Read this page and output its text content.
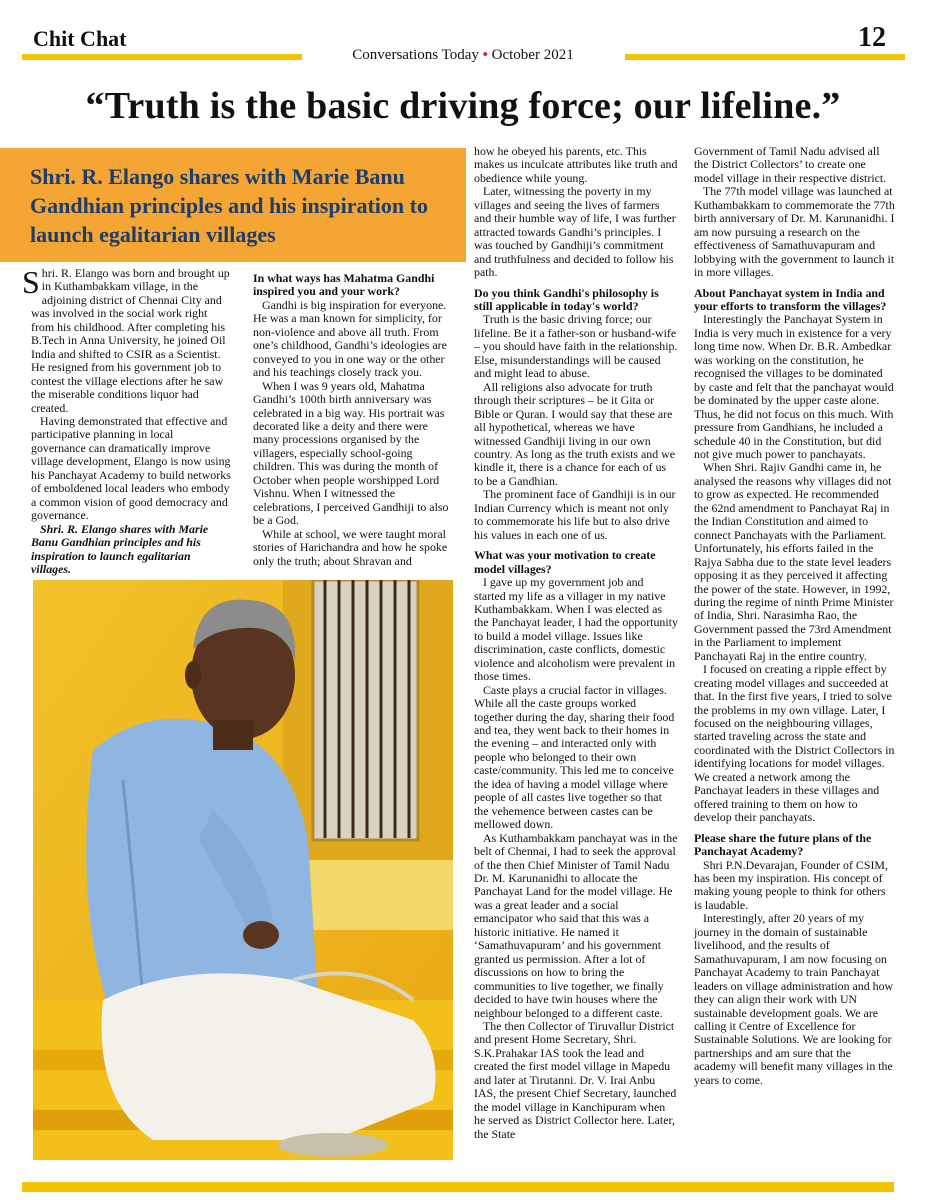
Chit Chat
Conversations Today • October 2021
12
“Truth is the basic driving force; our lifeline.”
Shri. R. Elango shares with Marie Banu Gandhian principles and his inspiration to launch egalitarian villages

Shri. R. Elango was born and brought up in Kuthambakkam village, in the adjoining district of Chennai City and was involved in the social work right from his childhood. After completing his B.Tech in Anna University, he joined Oil India and shifted to CSIR as a Scientist. He resigned from his government job to contest the village elections after he saw the miserable conditions liquor had created.

Having demonstrated that effective and participative planning in local governance can dramatically improve village development, Elango is now using his Panchayat Academy to build networks of emboldened local leaders who embody a common vision of good democracy and governance.

Shri. R. Elango shares with Marie Banu Gandhian principles and his inspiration to launch egalitarian villages.

In what ways has Mahatma Gandhi inspired you and your work?

Gandhi is big inspiration for everyone. He was a man known for simplicity, for non-violence and above all truth. From one’s childhood, Gandhi’s ideologies are conveyed to you in one way or the other and his teachings closely track you.

When I was 9 years old, Mahatma Gandhi’s 100th birth anniversary was celebrated in a big way. His portrait was decorated like a deity and there were many processions organised by the villagers, especially school-going children. This was during the month of October when people worshipped Lord Vishnu. When I witnessed the celebrations, I perceived Gandhiji to also be a God.

While at school, we were taught moral stories of Harichandra and how he spoke only the truth; about Shravan and

how he obeyed his parents, etc. This makes us inculcate attributes like truth and obedience while young.

Later, witnessing the poverty in my villages and seeing the lives of farmers and their humble way of life, I was further attracted towards Gandhi’s principles. I was touched by Gandhiji’s commitment and truthfulness and decided to follow his path.

Do you think Gandhi's philosophy is still applicable in today's world?

Truth is the basic driving force; our lifeline. Be it a father-son or husband-wife – you should have faith in the relationship. Else, misunderstandings will be caused and might lead to abuse.

All religions also advocate for truth through their scriptures – be it Gita or Bible or Quran. I would say that these are all hypothetical, whereas we have witnessed Gandhiji living in our own country. As long as the truth exists and we kindle it, there is a chance for each of us to be a Gandhian.

The prominent face of Gandhiji is in our Indian Currency which is meant not only to commemorate his life but to also drive his values in each one of us.

What was your motivation to create model villages?

I gave up my government job and started my life as a villager in my native Kuthambakkam. When I was elected as the Panchayat leader, I had the opportunity to build a model village. Issues like discrimination, caste conflicts, domestic violence and alcoholism were prevalent in those times.

Caste plays a crucial factor in villages. While all the caste groups worked together during the day, sharing their food and tea, they went back to their homes in the evening – and interacted only with people who belonged to their own caste/community. This led me to conceive the idea of having a model village where people of all castes live together so that the vehemence between castes can be mellowed down.

As Kuthambakkam panchayat was in the belt of Chennai, I had to seek the approval of the then Chief Minister of Tamil Nadu Dr. M. Karunanidhi to allocate the Panchayat Land for the model village. He was a great leader and a social emancipator who said that this was a historic initiative. He named it ‘Samathuvapuram’ and his government granted us permission. After a lot of discussions on how to bring the communities to live together, we finally decided to have twin houses where the neighbour belonged to a different caste.

The then Collector of Tiruvallur District and present Home Secretary, Shri. S.K.Prahakar IAS took the lead and created the first model village in Mapedu and later at Tirutanni. Dr. V. Irai Anbu IAS, the present Chief Secretary, launched the model village in Kanchipuram when he served as District Collector here. Later, the State

Government of Tamil Nadu advised all the District Collectors’ to create one model village in their respective district.

The 77th model village was launched at Kuthambakkam to commemorate the 77th birth anniversary of Dr. M. Karunanidhi. I am now pursuing a research on the effectiveness of Samathuvapuram and lobbying with the government to launch it in more villages.

About Panchayat system in India and your efforts to transform the villages?

Interestingly the Panchayat System in India is very much in existence for a very long time now. When Dr. B.R. Ambedkar was working on the constitution, he recognised the villages to be dominated by caste and felt that the panchayat would be dominated by the upper caste alone. Thus, he did not focus on this much. With pressure from Gandhians, he included a schedule 40 in the Constitution, but did not give much power to panchayats.

When Shri. Rajiv Gandhi came in, he analysed the reasons why villages did not to grow as expected. He recommended the 62nd amendment to Panchayat Raj in the Indian Constitution and aimed to connect Panchayats with the Parliament. Unfortunately, his efforts failed in the Rajya Sabha due to the state level leaders opposing it as they perceived it affecting the power of the state. However, in 1992, during the regime of ninth Prime Minister of India, Shri. Narasimha Rao, the Government passed the 73rd Amendment in the Parliament to implement Panchayati Raj in the entire country.

I focused on creating a ripple effect by creating model villages and succeeded at that. In the first five years, I tried to solve the problems in my own village. Later, I focused on the neighbouring villages, started traveling across the state and coordinated with the District Collectors in identifying locations for model villages. We created a network among the Panchayat leaders in these villages and offered training to them on how to develop their panchayats.

Please share the future plans of the Panchayat Academy?

Shri P.N.Devarajan, Founder of CSIM, has been my inspiration. His concept of making young people to think for others is laudable.

Interestingly, after 20 years of my journey in the domain of sustainable livelihood, and the results of Samathuvapuram, I am now focusing on Panchayat Academy to train Panchayat leaders on village administration and how they can align their work with UN sustainable development goals. We are calling it Centre of Excellence for Sustainable Solutions. We are looking for partnerships and am sure that the academy will benefit many villages in the years to come.
